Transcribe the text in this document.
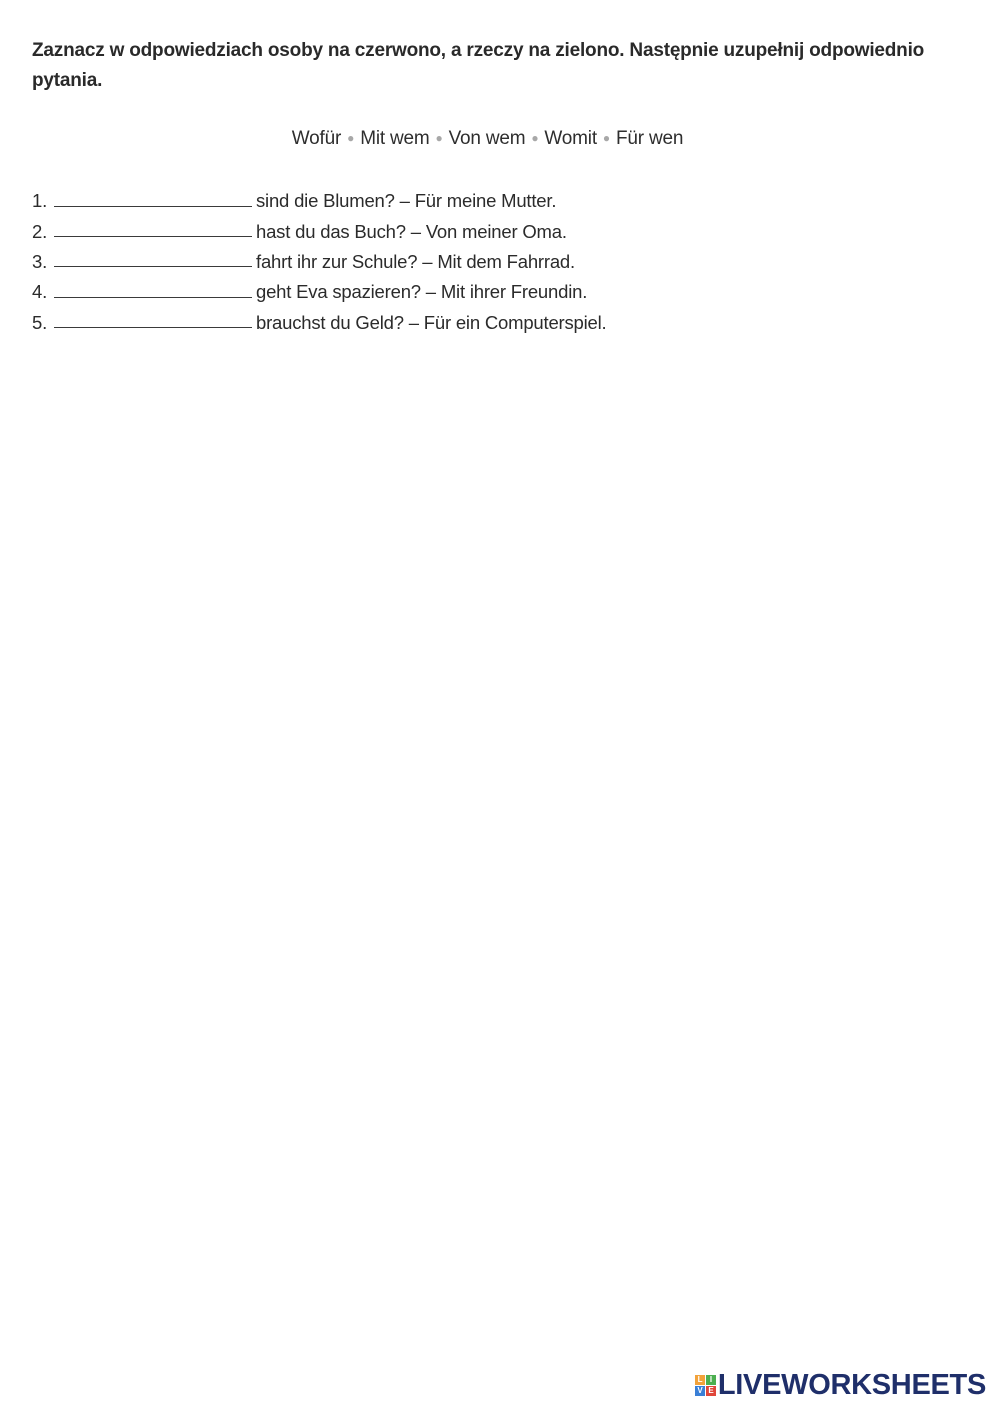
Zaznacz w odpowiedziach osoby na czerwono, a rzeczy na zielono. Następnie uzupełnij odpowiednio pytania.
Wofür ● Mit wem ● Von wem ● Womit ● Für wen
1.	sind die Blumen? – Für meine Mutter.
2.	hast du das Buch? – Von meiner Oma.
3.	fahrt ihr zur Schule? – Mit dem Fahrrad.
4.	geht Eva spazieren? – Mit ihrer Freundin.
5.	brauchst du Geld? – Für ein Computerspiel.
L I
V E LIVEWORKSHEETS
